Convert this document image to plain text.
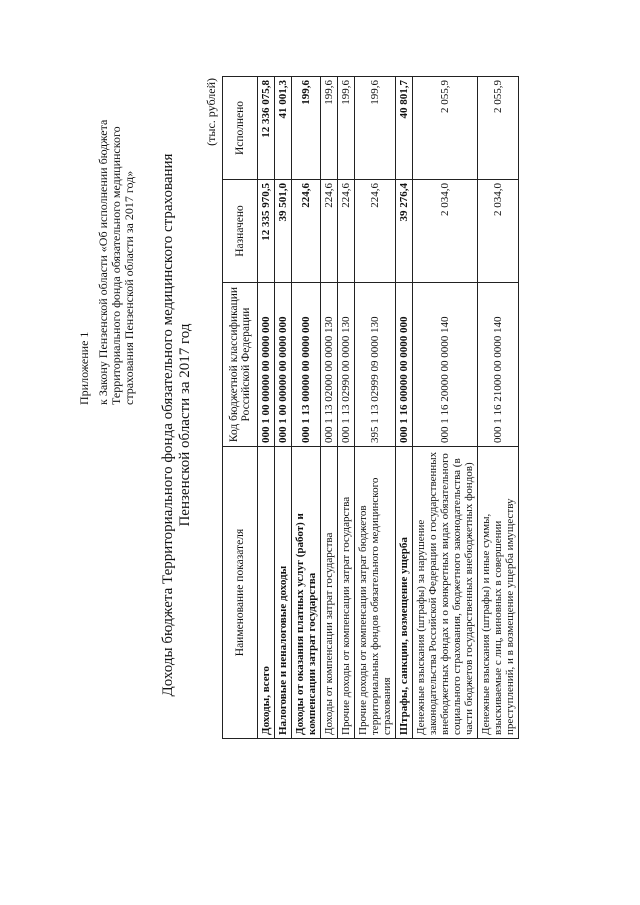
Приложение 1 к Закону Пензенской области «Об исполнении бюджета Территориального фонда обязательного медицинского страхования Пензенской области за 2017 год» Доходы бюджета Территориального фонда обязательного медицинского страхования Пензенской области за 2017 год
(тыс. рублей)
Наименование показателя	Код бюджетной классификации Российской Федерации	Назначено	Исполнено
Доходы, всего	000 1 00 00000 00 0000 000	12 335 970,5	12 336 075,8
Налоговые и неналоговые доходы	000 1 00 00000 00 0000 000	39 501,0	41 001,3
Доходы от оказания платных услуг (работ) и компенсации затрат государства	000 1 13 00000 00 0000 000	224,6	199,6
Доходы от компенсации затрат государства	000 1 13 02000 00 0000 130	224,6	199,6
Прочие доходы от компенсации затрат государства	000 1 13 02990 00 0000 130	224,6	199,6
Прочие доходы от компенсации затрат бюджетов территориальных фондов обязательного медицинского страхования	395 1 13 02999 09 0000 130	224,6	199,6
Штрафы, санкции, возмещение ущерба	000 1 16 00000 00 0000 000	39 276,4	40 801,7
Денежные взыскания (штрафы) за нарушение законодательства Российской Федерации о государственных внебюджетных фондах и о конкретных видах обязательного социального страхования, бюджетного законодательства (в части бюджетов государственных внебюджетных фондов)	000 1 16 20000 00 0000 140	2 034,0	2 055,9
Денежные взыскания (штрафы) и иные суммы, взыскиваемые с лиц, виновных в совершении преступлений, и в возмещение ущерба имуществу	000 1 16 21000 00 0000 140	2 034,0	2 055,9
